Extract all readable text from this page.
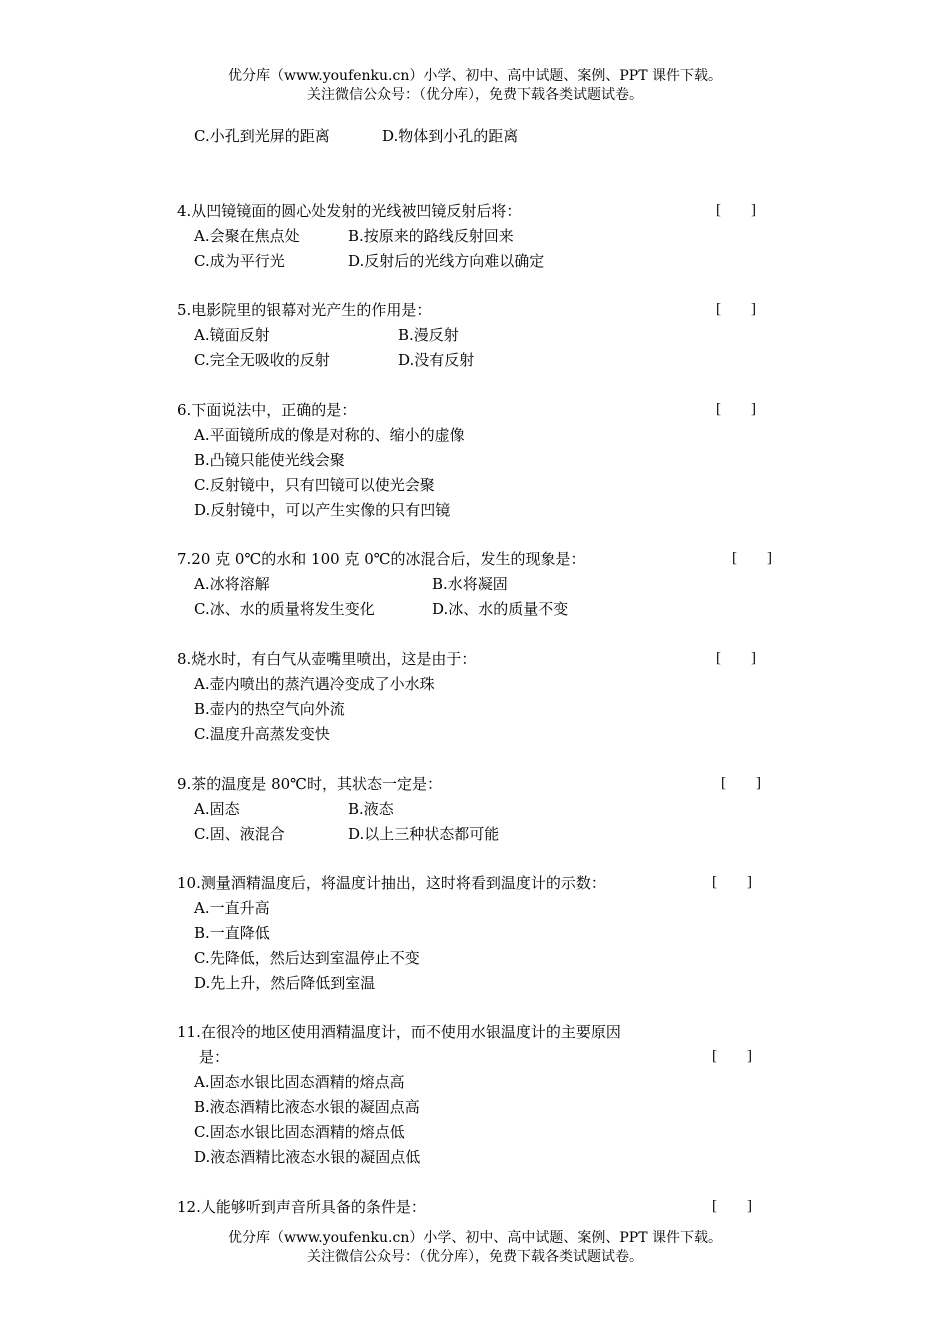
优分库（www.youfenku.cn）小学、初中、高中试题、案例、PPT 课件下载。
关注微信公众号：（优分库），免费下载各类试题试卷。
C.小孔到光屏的距离	D.物体到小孔的距离
4.从凹镜镜面的圆心处发射的光线被凹镜反射后将：	[　　]
A.会聚在焦点处	B.按原来的路线反射回来
C.成为平行光	D.反射后的光线方向难以确定
5.电影院里的银幕对光产生的作用是：	[　　]
A.镜面反射	B.漫反射
C.完全无吸收的反射	D.没有反射
6.下面说法中，正确的是：	[　　]
A.平面镜所成的像是对称的、缩小的虚像
B.凸镜只能使光线会聚
C.反射镜中，只有凹镜可以使光会聚
D.反射镜中，可以产生实像的只有凹镜
7.20 克 0℃的水和 100 克 0℃的冰混合后，发生的现象是：	[　　]
A.冰将溶解	B.水将凝固
C.冰、水的质量将发生变化	D.冰、水的质量不变
8.烧水时，有白气从壶嘴里喷出，这是由于：	[　　]
A.壶内喷出的蒸汽遇冷变成了小水珠
B.壶内的热空气向外流
C.温度升高蒸发变快
9.茶的温度是 80℃时，其状态一定是：	[　　]
A.固态	B.液态
C.固、液混合	D.以上三种状态都可能
10.测量酒精温度后，将温度计抽出，这时将看到温度计的示数：	[　　]
A.一直升高
B.一直降低
C.先降低，然后达到室温停止不变
D.先上升，然后降低到室温
11.在很冷的地区使用酒精温度计，而不使用水银温度计的主要原因
是：	[　　]
A.固态水银比固态酒精的熔点高
B.液态酒精比液态水银的凝固点高
C.固态水银比固态酒精的熔点低
D.液态酒精比液态水银的凝固点低
12.人能够听到声音所具备的条件是：	[　　]
优分库（www.youfenku.cn）小学、初中、高中试题、案例、PPT 课件下载。
关注微信公众号：（优分库），免费下载各类试题试卷。
